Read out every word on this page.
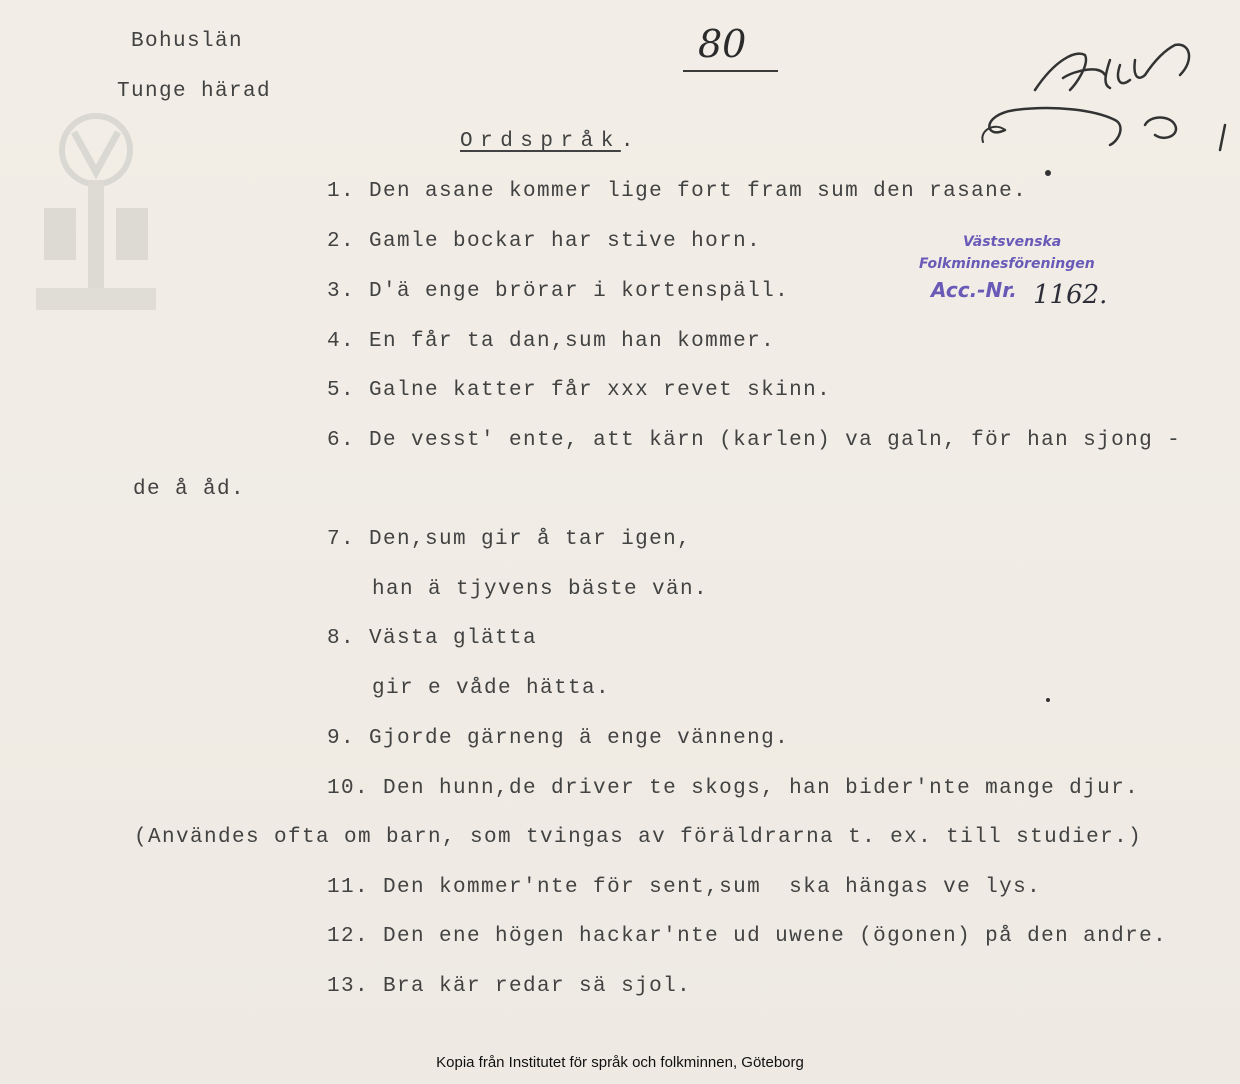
Bohuslän
Tunge härad
80
Ordspråk.
Västsvenska
Folkminnesföreningen
Acc.-Nr. 1162.
1. Den asane kommer lige fort fram sum den rasane.
2. Gamle bockar har stive horn.
3. D'ä enge brörar i kortenspäll.
4. En får ta dan,sum han kommer.
5. Galne katter får xxx revet skinn.
6. De vesst' ente, att kärn (karlen) va galn, för han sjong -
de å åd.
7. Den,sum gir å tar igen,
han ä tjyvens bäste vän.
8. Västa glätta
gir e våde hätta.
9. Gjorde gärneng ä enge vänneng.
10. Den hunn,de driver te skogs, han bider'nte mange djur.
(Användes ofta om barn, som tvingas av föräldrarna t. ex. till studier.)
11. Den kommer'nte för sent,sum  ska hängas ve lys.
12. Den ene högen hackar'nte ud uwene (ögonen) på den andre.
13. Bra kär redar sä sjol.
Kopia från Institutet för språk och folkminnen, Göteborg
